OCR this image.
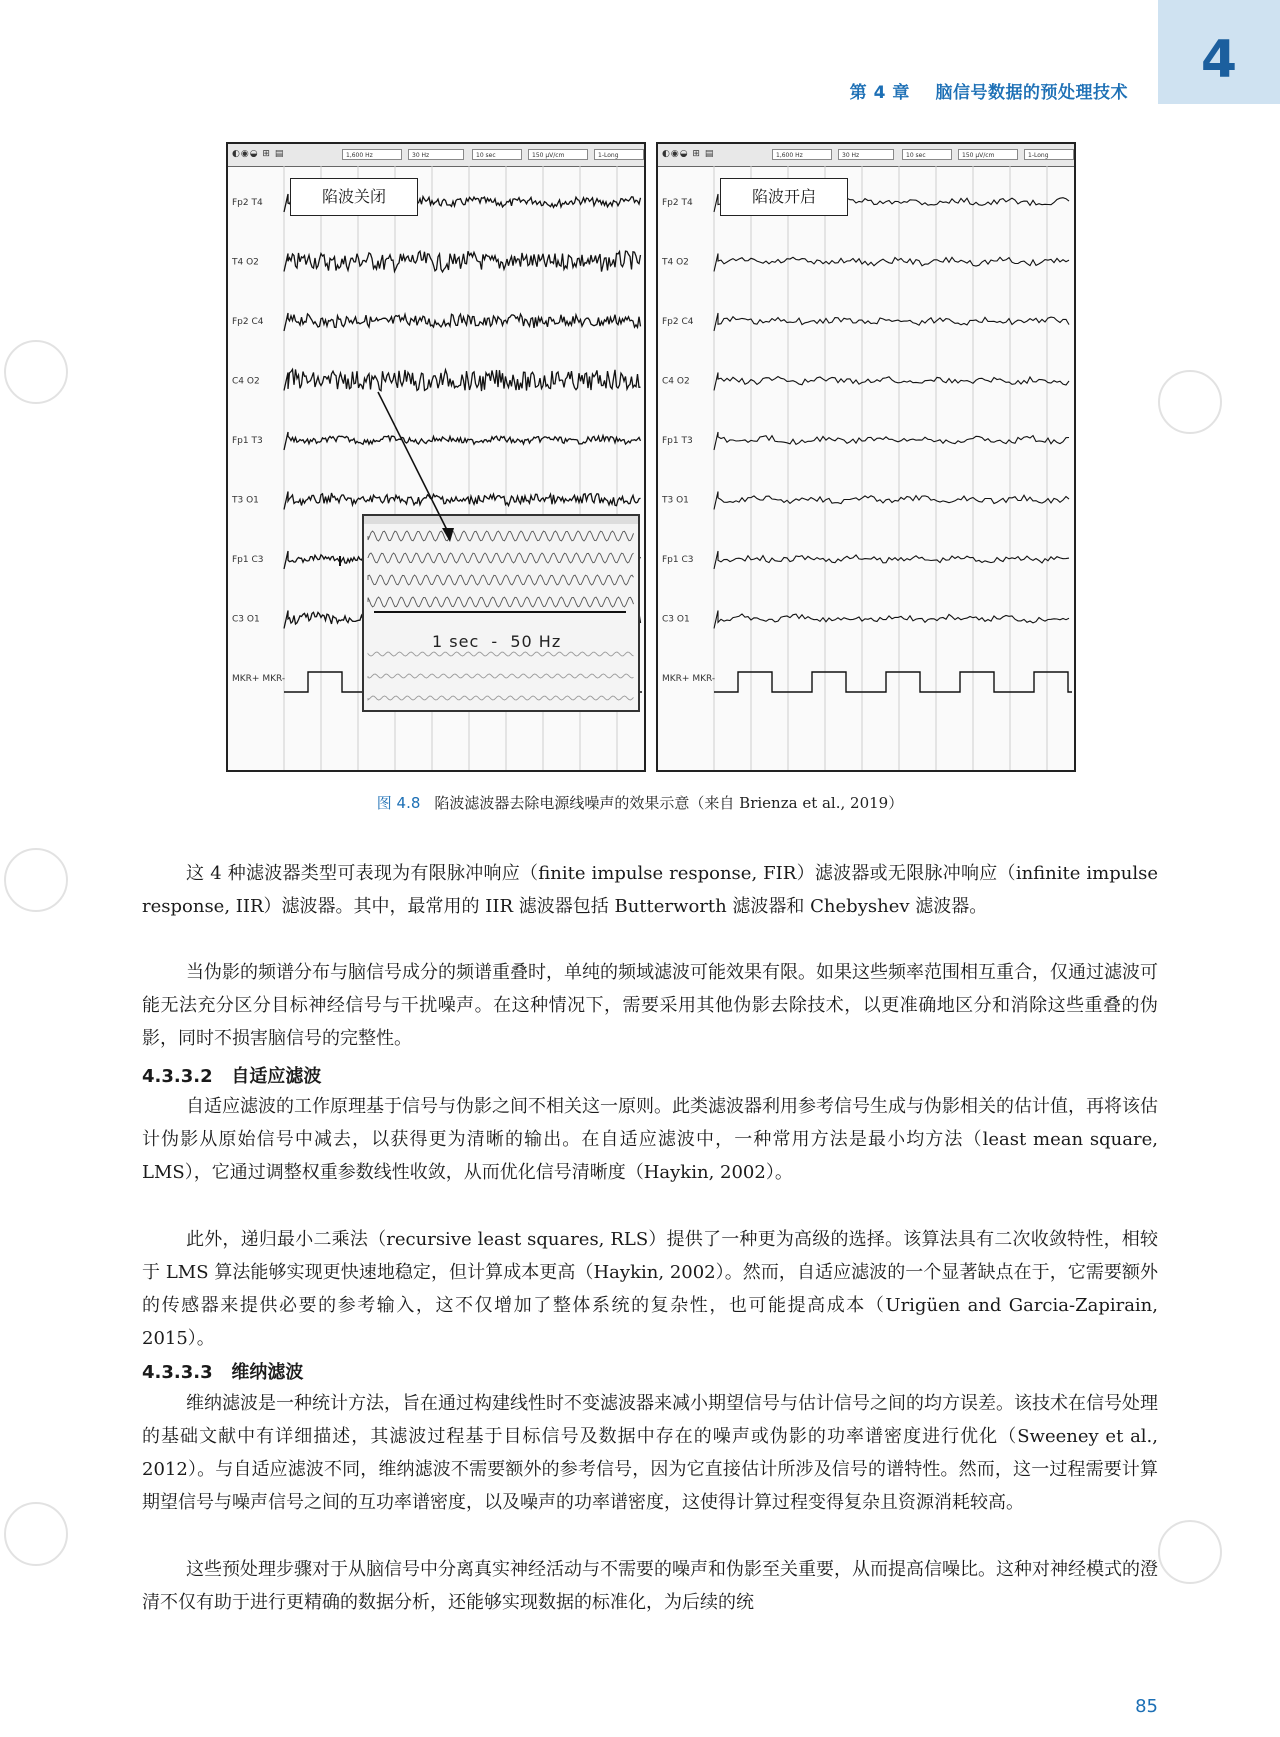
4
第 4 章    脑信号数据的预处理技术
◐◉◒ ⊞ ▤	1,600 Hz	30 Hz	10 sec	150 μV/cm	1-Long
Fp2 T4
T4 O2
Fp2 C4
C4 O2
Fp1 T3
T3 O1
Fp1 C3
C3 O1
MKR+ MKR-
陷波关闭
1 sec  -  50 Hz
◐◉◒ ⊞ ▤	1,600 Hz	30 Hz	10 sec	150 μV/cm	1-Long
Fp2 T4
T4 O2
Fp2 C4
C4 O2
Fp1 T3
T3 O1
Fp1 C3
C3 O1
MKR+ MKR-
陷波开启
图 4.8 陷波滤波器去除电源线噪声的效果示意（来自 Brienza et al., 2019）

这 4 种滤波器类型可表现为有限脉冲响应（finite impulse response, FIR）滤波器或无限脉冲响应（infinite impulse response, IIR）滤波器。其中，最常用的 IIR 滤波器包括 Butterworth 滤波器和 Chebyshev 滤波器。

当伪影的频谱分布与脑信号成分的频谱重叠时，单纯的频域滤波可能效果有限。如果这些频率范围相互重合，仅通过滤波可能无法充分区分目标神经信号与干扰噪声。在这种情况下，需要采用其他伪影去除技术，以更准确地区分和消除这些重叠的伪影，同时不损害脑信号的完整性。

4.3.3.2   自适应滤波

自适应滤波的工作原理基于信号与伪影之间不相关这一原则。此类滤波器利用参考信号生成与伪影相关的估计值，再将该估计伪影从原始信号中减去，以获得更为清晰的输出。在自适应滤波中，一种常用方法是最小均方法（least mean square, LMS），它通过调整权重参数线性收敛，从而优化信号清晰度（Haykin, 2002）。

此外，递归最小二乘法（recursive least squares, RLS）提供了一种更为高级的选择。该算法具有二次收敛特性，相较于 LMS 算法能够实现更快速地稳定，但计算成本更高（Haykin, 2002）。然而，自适应滤波的一个显著缺点在于，它需要额外的传感器来提供必要的参考输入，这不仅增加了整体系统的复杂性，也可能提高成本（Urigüen and Garcia-Zapirain, 2015）。

4.3.3.3   维纳滤波

维纳滤波是一种统计方法，旨在通过构建线性时不变滤波器来减小期望信号与估计信号之间的均方误差。该技术在信号处理的基础文献中有详细描述，其滤波过程基于目标信号及数据中存在的噪声或伪影的功率谱密度进行优化（Sweeney et al., 2012）。与自适应滤波不同，维纳滤波不需要额外的参考信号，因为它直接估计所涉及信号的谱特性。然而，这一过程需要计算期望信号与噪声信号之间的互功率谱密度，以及噪声的功率谱密度，这使得计算过程变得复杂且资源消耗较高。

这些预处理步骤对于从脑信号中分离真实神经活动与不需要的噪声和伪影至关重要，从而提高信噪比。这种对神经模式的澄清不仅有助于进行更精确的数据分析，还能够实现数据的标准化，为后续的统

85
